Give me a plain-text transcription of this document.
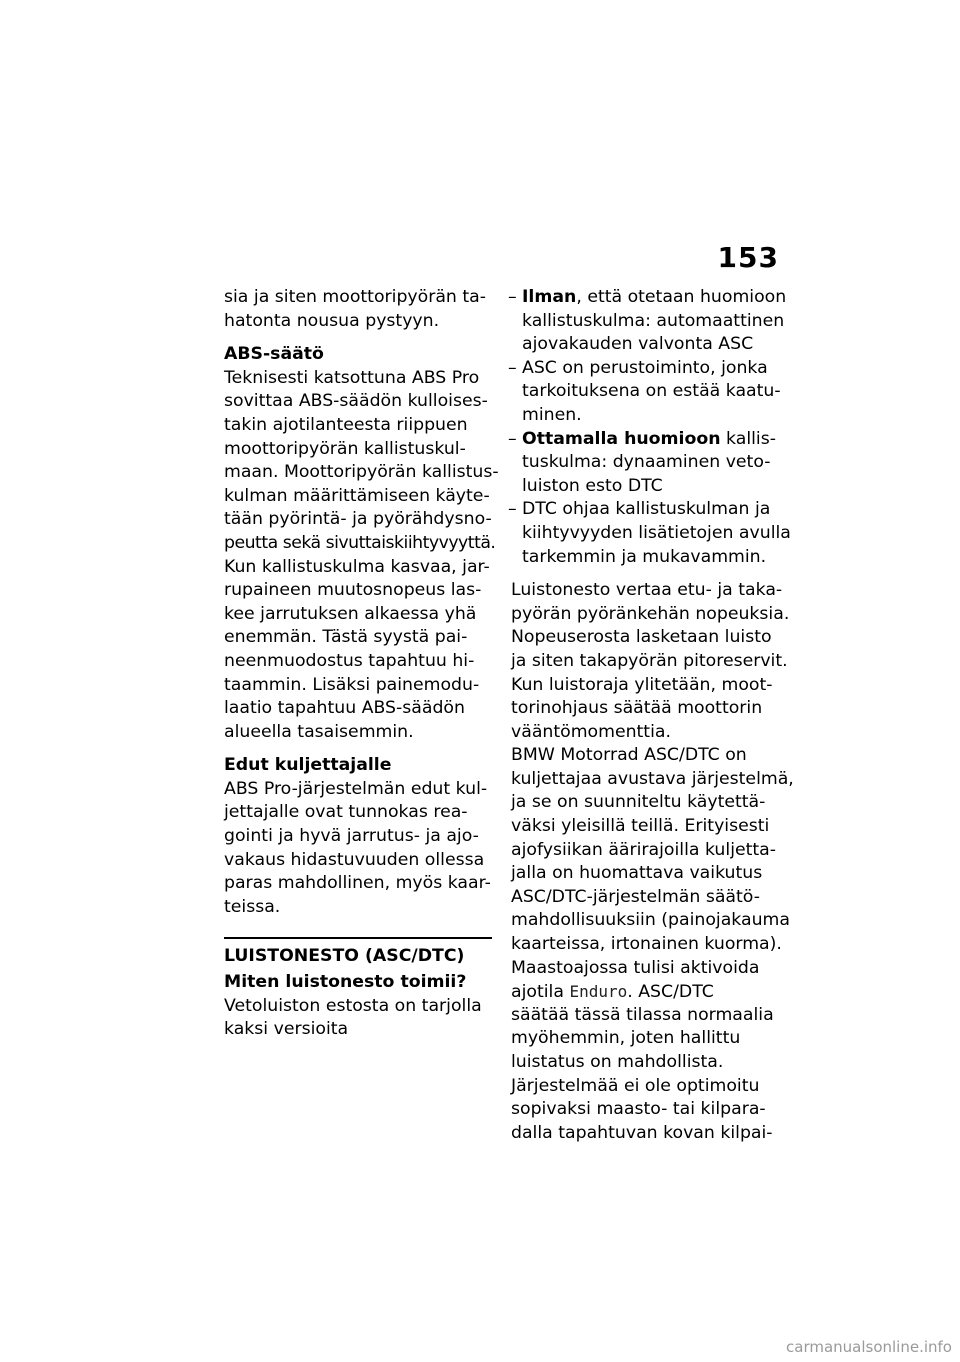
153
sia ja siten moottoripyörän ta-
hatonta nousua pystyyn.
ABS-säätö
Teknisesti katsottuna ABS Pro
sovittaa ABS-säädön kulloises-
takin ajotilanteesta riippuen
moottoripyörän kallistuskul-
maan. Moottoripyörän kallistus-
kulman määrittämiseen käyte-
tään pyörintä- ja pyörähdysno-
peutta sekä sivuttaiskiihtyvyyttä.
Kun kallistuskulma kasvaa, jar-
rupaineen muutosnopeus las-
kee jarrutuksen alkaessa yhä
enemmän. Tästä syystä pai-
neenmuodostus tapahtuu hi-
taammin. Lisäksi painemodu-
laatio tapahtuu ABS-säädön
alueella tasaisemmin.
Edut kuljettajalle
ABS Pro-järjestelmän edut kul-
jettajalle ovat tunnokas rea-
gointi ja hyvä jarrutus- ja ajo-
vakaus hidastuvuuden ollessa
paras mahdollinen, myös kaar-
teissa.
LUISTONESTO (ASC/DTC)
Miten luistonesto toimii?
Vetoluiston estosta on tarjolla
kaksi versioita
– Ilman, että otetaan huomioon
kallistuskulma: automaattinen
ajovakauden valvonta ASC
– ASC on perustoiminto, jonka
tarkoituksena on estää kaatu-
minen.
– Ottamalla huomioon kallis-
tuskulma: dynaaminen veto-
luiston esto DTC
– DTC ohjaa kallistuskulman ja
kiihtyvyyden lisätietojen avulla
tarkemmin ja mukavammin.
Luistonesto vertaa etu- ja taka-
pyörän pyöränkehän nopeuksia.
Nopeuserosta lasketaan luisto
ja siten takapyörän pitoreservit.
Kun luistoraja ylitetään, moot-
torinohjaus säätää moottorin
vääntömomenttia.
BMW Motorrad ASC/DTC on
kuljettajaa avustava järjestelmä,
ja se on suunniteltu käytettä-
väksi yleisillä teillä. Erityisesti
ajofysiikan äärirajoilla kuljetta-
jalla on huomattava vaikutus
ASC/DTC-järjestelmän säätö-
mahdollisuuksiin (painojakauma
kaarteissa, irtonainen kuorma).
Maastoajossa tulisi aktivoida
ajotila Enduro. ASC/DTC
säätää tässä tilassa normaalia
myöhemmin, joten hallittu
luistatus on mahdollista.
Järjestelmää ei ole optimoitu
sopivaksi maasto- tai kilpara-
dalla tapahtuvan kovan kilpai-
carmanualsonline.info
